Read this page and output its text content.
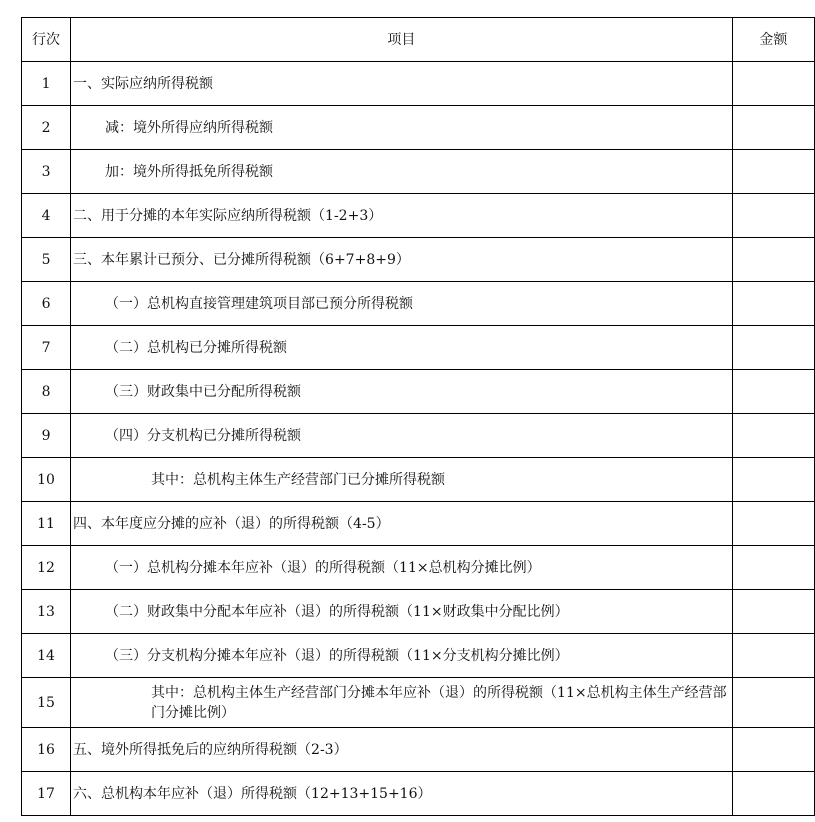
行次	项目	金额
1	一、实际应纳所得税额	
2	减：境外所得应纳所得税额	
3	加：境外所得抵免所得税额	
4	二、用于分摊的本年实际应纳所得税额（1-2+3）	
5	三、本年累计已预分、已分摊所得税额（6+7+8+9）	
6	（一）总机构直接管理建筑项目部已预分所得税额	
7	（二）总机构已分摊所得税额	
8	（三）财政集中已分配所得税额	
9	（四）分支机构已分摊所得税额	
10	其中：总机构主体生产经营部门已分摊所得税额	
11	四、本年度应分摊的应补（退）的所得税额（4-5）	
12	（一）总机构分摊本年应补（退）的所得税额（11×总机构分摊比例）	
13	（二）财政集中分配本年应补（退）的所得税额（11×财政集中分配比例）	
14	（三）分支机构分摊本年应补（退）的所得税额（11×分支机构分摊比例）	
15	其中：总机构主体生产经营部门分摊本年应补（退）的所得税额（11×总机构主体生产经营部门分摊比例）	
16	五、境外所得抵免后的应纳所得税额（2-3）	
17	六、总机构本年应补（退）所得税额（12+13+15+16）	
